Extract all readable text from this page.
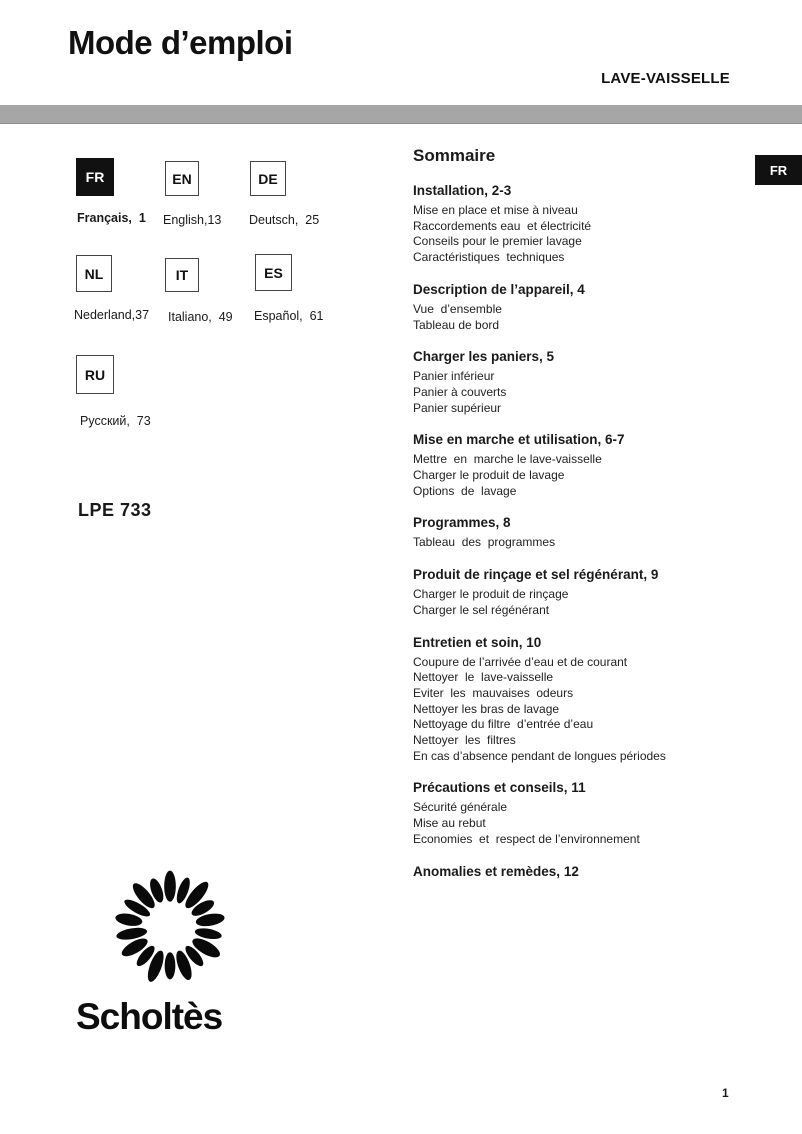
Mode d’emploi
LAVE-VAISSELLE
FR
FR	EN	DE
Français,  1 English,13 Deutsch,  25
NL	IT	ES
Nederland,37 Italiano,  49 Español,  61
RU
Русский,  73
LPE 733
Scholtès
Sommaire
Installation, 2-3
Mise en place et mise à niveau
Raccordements eau  et électricité
Conseils pour le premier lavage
Caractéristiques  techniques
Description de l’appareil, 4
Vue  d’ensemble
Tableau de bord
Charger les paniers, 5
Panier inférieur
Panier à couverts
Panier supérieur
Mise en marche et utilisation, 6-7
Mettre  en  marche le lave-vaisselle
Charger le produit de lavage
Options  de  lavage
Programmes, 8
Tableau  des  programmes
Produit de rinçage et sel régénérant, 9
Charger le produit de rinçage
Charger le sel régénérant
Entretien et soin, 10
Coupure de l’arrivée d’eau et de courant
Nettoyer  le  lave-vaisselle
Eviter  les  mauvaises  odeurs
Nettoyer les bras de lavage
Nettoyage du filtre  d’entrée d’eau
Nettoyer  les  filtres
En cas d’absence pendant de longues périodes
Précautions et conseils, 11
Sécurité générale
Mise au rebut
Economies  et  respect de l’environnement
Anomalies et remèdes, 12
1
